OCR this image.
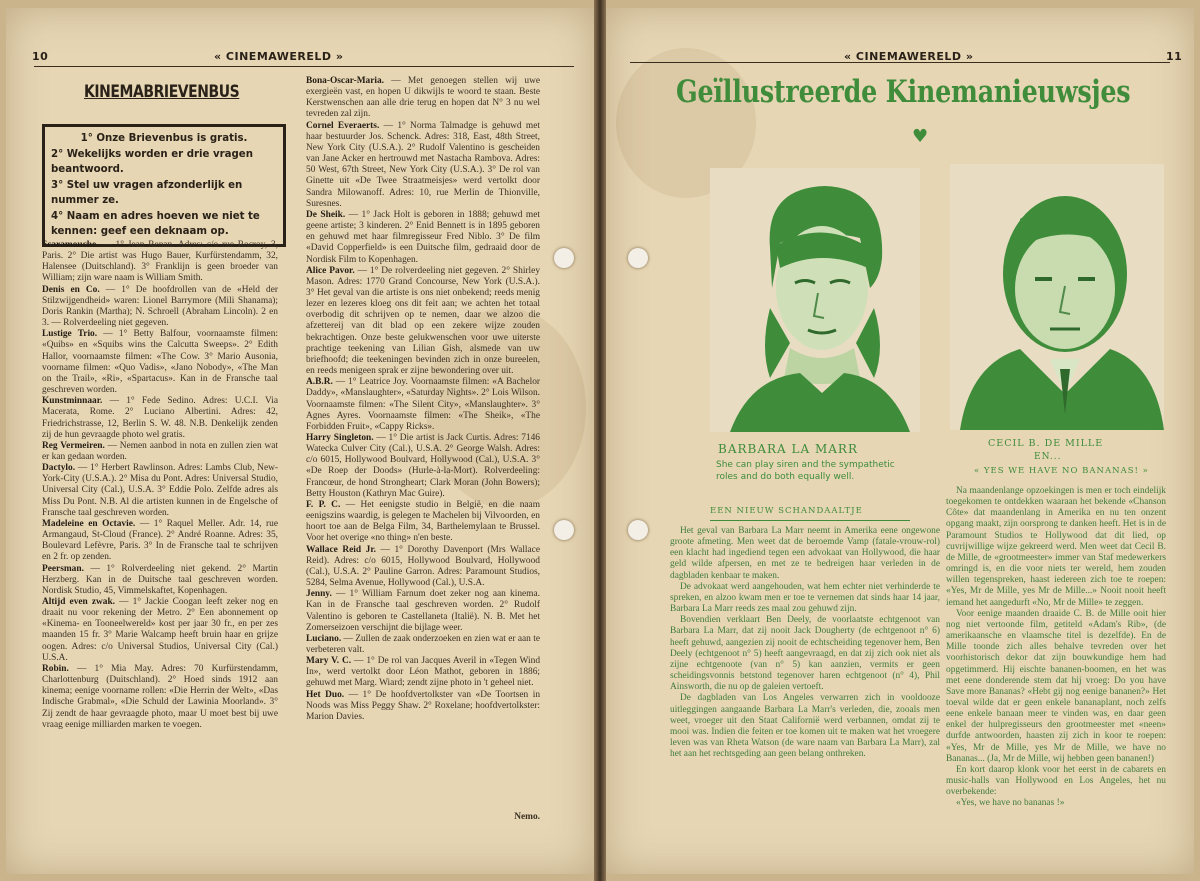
10	« CINEMAWERELD »
KINEMABRIEVENBUS

1° Onze Brievenbus is gratis.

2° Wekelijks worden er drie vragen beantwoord.

3° Stel uw vragen afzonderlijk en nummer ze.

4° Naam en adres hoeven we niet te kennen: geef een deknaam op.

Scaramouche. — 1° Jean Renan. Adres: c/o rue Rocroy, 3, Paris. 2° Die artist was Hugo Bauer, Kurfürstendamm, 32, Halensee (Duitschland). 3° Franklijn is geen broeder van William; zijn ware naam is William Smith.

Denis en Co. — 1° De hoofdrollen van de «Held der Stilzwijgendheid» waren: Lionel Barrymore (Mili Shanama); Doris Rankin (Martha); N. Schroell (Abraham Lincoln). 2 en 3. — Rolverdeeling niet gegeven.

Lustige Trio. — 1° Betty Balfour, voornaamste filmen: «Quibs» en «Squibs wins the Calcutta Sweeps». 2° Edith Hallor, voornaamste filmen: «The Cow. 3° Mario Ausonia, voorname filmen: «Quo Vadis», «Jano Nobody», «The Man on the Trail», «Ri», «Spartacus». Kan in de Fransche taal geschreven worden.

Kunstminnaar. — 1° Fede Sedino. Adres: U.C.I. Via Macerata, Rome. 2° Luciano Albertini. Adres: 42, Friedrichstrasse, 12, Berlin S. W. 48. N.B. Denkelijk zenden zij de hun gevraagde photo wel gratis.

Reg Vermeiren. — Nemen aanbod in nota en zullen zien wat er kan gedaan worden.

Dactylo. — 1° Herbert Rawlinson. Adres: Lambs Club, New-York-City (U.S.A.). 2° Misa du Pont. Adres: Universal Studio, Universal City (Cal.), U.S.A. 3° Eddie Polo. Zelfde adres als Miss Du Pont. N.B. Al die artisten kunnen in de Engelsche of Fransche taal geschreven worden.

Madeleine en Octavie. — 1° Raquel Meller. Adr. 14, rue Armangaud, St-Cloud (France). 2° André Roanne. Adres: 35, Boulevard Lefèvre, Paris. 3° In de Fransche taal te schrijven en 2 fr. op zenden.

Peersman. — 1° Rolverdeeling niet gekend. 2° Martin Herzberg. Kan in de Duitsche taal geschreven worden. Nordisk Studio, 45, Vimmelskaftet, Kopenhagen.

Altijd even zwak. — 1° Jackie Coogan leeft zeker nog en draait nu voor rekening der Metro. 2° Een abonnement op «Kinema- en Tooneelwereld» kost per jaar 30 fr., en per zes maanden 15 fr. 3° Marie Walcamp heeft bruin haar en grijze oogen. Adres: c/o Universal Studios, Universal City (Cal.) U.S.A.

Robin. — 1° Mia May. Adres: 70 Kurfürstendamm, Charlottenburg (Duitschland). 2° Hoed sinds 1912 aan kinema; eenige voorname rollen: «Die Herrin der Welt», «Das Indische Grabmal», «Die Schuld der Lawinia Moorland». 3° Zij zendt de haar gevraagde photo, maar U moet best bij uwe vraag eenige milliarden marken te voegen.

Bona-Oscar-Maria. — Met genoegen stellen wij uwe exergieën vast, en hopen U dikwijls te woord te staan. Beste Kerstwenschen aan alle drie terug en hopen dat N° 3 nu wel tevreden zal zijn.

Cornel Everaerts. — 1° Norma Talmadge is gehuwd met haar bestuurder Jos. Schenck. Adres: 318, East, 48th Street, New York City (U.S.A.). 2° Rudolf Valentino is gescheiden van Jane Acker en hertrouwd met Nastacha Rambova. Adres: 50 West, 67th Street, New York City (U.S.A.). 3° De rol van Ginette uit «De Twee Straatmeisjes» werd vertolkt door Sandra Milowanoff. Adres: 10, rue Merlin de Thionville, Suresnes.

De Sheik. — 1° Jack Holt is geboren in 1888; gehuwd met geene artiste; 3 kinderen. 2° Enid Bennett is in 1895 geboren en gehuwd met haar filmregisseur Fred Niblo. 3° De film «David Copperfield» is een Duitsche film, gedraaid door de Nordisk Film to Kopenhagen.

Alice Pavor. — 1° De rolverdeeling niet gegeven. 2° Shirley Mason. Adres: 1770 Grand Concourse, New York (U.S.A.). 3° Het geval van die artiste is ons niet onbekend; reeds menig lezer en lezeres kloeg ons dit feit aan; we achten het totaal overbodig dit schrijven op te nemen, daar we alzoo die afzettereij van dit blad op een zekere wijze zouden bekrachtigen. Onze beste gelukwenschen voor uwe uiterste prachtige teekening van Lilian Gish, alsmede van uw briefhoofd; die teekeningen bevinden zich in onze bureelen, en reeds menigeen sprak er zijne bewondering over uit.

A.B.R. — 1° Leatrice Joy. Voornaamste filmen: «A Bachelor Daddy», «Manslaughter», «Saturday Nights». 2° Lois Wilson. Voornaamste filmen: «The Silent City», «Manslaughter». 3° Agnes Ayres. Voornaamste filmen: «The Sheik», «The Forbidden Fruit», «Cappy Ricks».

Harry Singleton. — 1° Die artist is Jack Curtis. Adres: 7146 Watecka Culver City (Cal.), U.S.A. 2° George Walsh. Adres: c/o 6015, Hollywood Boulvard, Hollywood (Cal.), U.S.A. 3° «De Roep der Doods» (Hurle-à-la-Mort). Rolverdeeling: Francœur, de hond Strongheart; Clark Moran (John Bowers); Betty Houston (Kathryn Mac Guire).

F. P. C. — Het eenigste studio in België, en die naam eenigszins waardig, is gelegen te Machelen bij Vilvoorden, en hoort toe aan de Belga Film, 34, Barthelemylaan te Brussel. Voor het overige «no thing» n'en beste.

Wallace Reid Jr. — 1° Dorothy Davenport (Mrs Wallace Reid). Adres: c/o 6015, Hollywood Boulvard, Hollywood (Cal.), U.S.A. 2° Pauline Garron. Adres: Paramount Studios, 5284, Selma Avenue, Hollywood (Cal.), U.S.A.

Jenny. — 1° William Farnum doet zeker nog aan kinema. Kan in de Fransche taal geschreven worden. 2° Rudolf Valentino is geboren te Castellaneta (Italië). N. B. Met het Zomerseizoen verschijnt die bijlage weer.

Luciano. — Zullen de zaak onderzoeken en zien wat er aan te verbeteren valt.

Mary V. C. — 1° De rol van Jacques Averil in «Tegen Wind In», werd vertolkt door Léon Mathot, geboren in 1886; gehuwd met Marg. Wiard; zendt zijne photo in 't geheel niet.

Het Duo. — 1° De hoofdvertolkster van «De Toortsen in Noods was Miss Peggy Shaw. 2° Roxelane; hoofdvertolkster: Marion Davies.

Nemo.

« CINEMAWERELD »	11
Geïllustreerde Kinemanieuwsjes
♥
BARBARA LA MARR
She can play siren and the sympathetic roles and do both equally well.
CECIL B. DE MILLE
EN...
« YES WE HAVE NO BANANAS! »
EEN NIEUW SCHANDAALTJE

Het geval van Barbara La Marr neemt in Amerika eene ongewone groote afmeting. Men weet dat de beroemde Vamp (fatale-vrouw-rol) een klacht had ingediend tegen een advokaat van Hollywood, die haar geld wilde afpersen, en met ze te bedreigen haar verleden in de dagbladen kenbaar te maken.

De advokaat werd aangehouden, wat hem echter niet verhinderde te spreken, en alzoo kwam men er toe te vernemen dat sinds haar 14 jaar, Barbara La Marr reeds zes maal zou gehuwd zijn.

Bovendien verklaart Ben Deely, de voorlaatste echtgenoot van Barbara La Marr, dat zij nooit Jack Dougherty (de echtgenoot n° 6) heeft gehuwd, aangezien zij nooit de echtscheiding tegenover hem, Ben Deely (echtgenoot n° 5) heeft aangevraagd, en dat zij zich ook niet als zijne echtgenoote (van n° 5) kan aanzien, vermits er geen scheidingsvonnis betstond tegenover haren echtgenoot (n° 4), Phil Ainsworth, die nu op de galeien vertoeft.

De dagbladen van Los Angeles verwarren zich in vooldooze uitleggingen aangaande Barbara La Marr's verleden, die, zooals men weet, vroeger uit den Staat Californië werd verbannen, omdat zij te mooi was. Indien die feiten er toe komen uit te maken wat het vroegere leven was van Rheta Watson (de ware naam van Barbara La Marr), zal het aan het rechtsgeding aan geen belang onthreken.

Na maandenlange opzoekingen is men er toch eindelijk toegekomen te ontdekken waaraan het bekende «Chanson Côte» dat maandenlang in Amerika en nu ten onzent opgang maakt, zijn oorsprong te danken heeft. Het is in de Paramount Studios te Hollywood dat dit lied, op cuvrijwillige wijze gekreerd werd. Men weet dat Cecil B. de Mille, de «grootmeester» immer van Staf medewerkers omringd is, en die voor niets ter wereld, hem zouden willen tegenspreken, haast iedereen zich toe te roepen: «Yes, Mr de Mille, yes Mr de Mille...» Nooit nooit heeft iemand het aangedurft «No, Mr de Mille» te zeggen.

Voor eenige maanden draaide C. B. de Mille ooit hier nog niet vertoonde film, getiteld «Adam's Rib», (de amerikaansche en vlaamsche titel is dezelfde). En de Mille toonde zich alles behalve tevreden over het voorhistorisch dekor dat zijn bouwkundige hem had opgetimmerd. Hij eischte bananen-boomen, en het was met eene donderende stem dat hij vroeg: Do you have Save more Bananas? «Hebt gij nog eenige bananen?» Het toeval wilde dat er geen enkele bananaplant, noch zelfs eene enkele banaan meer te vinden was, en daar geen enkel der hulpregisseurs den grootmeester met «neen» durfde antwoorden, haasten zij zich in koor te roepen: «Yes, Mr de Mille, yes Mr de Mille, we have no Bananas... (Ja, Mr de Mille, wij hebben geen bananen!)

En kort daarop klonk voor het eerst in de cabarets en music-halls van Hollywood en Los Angeles, het nu overbekende:

«Yes, we have no bananas !»
